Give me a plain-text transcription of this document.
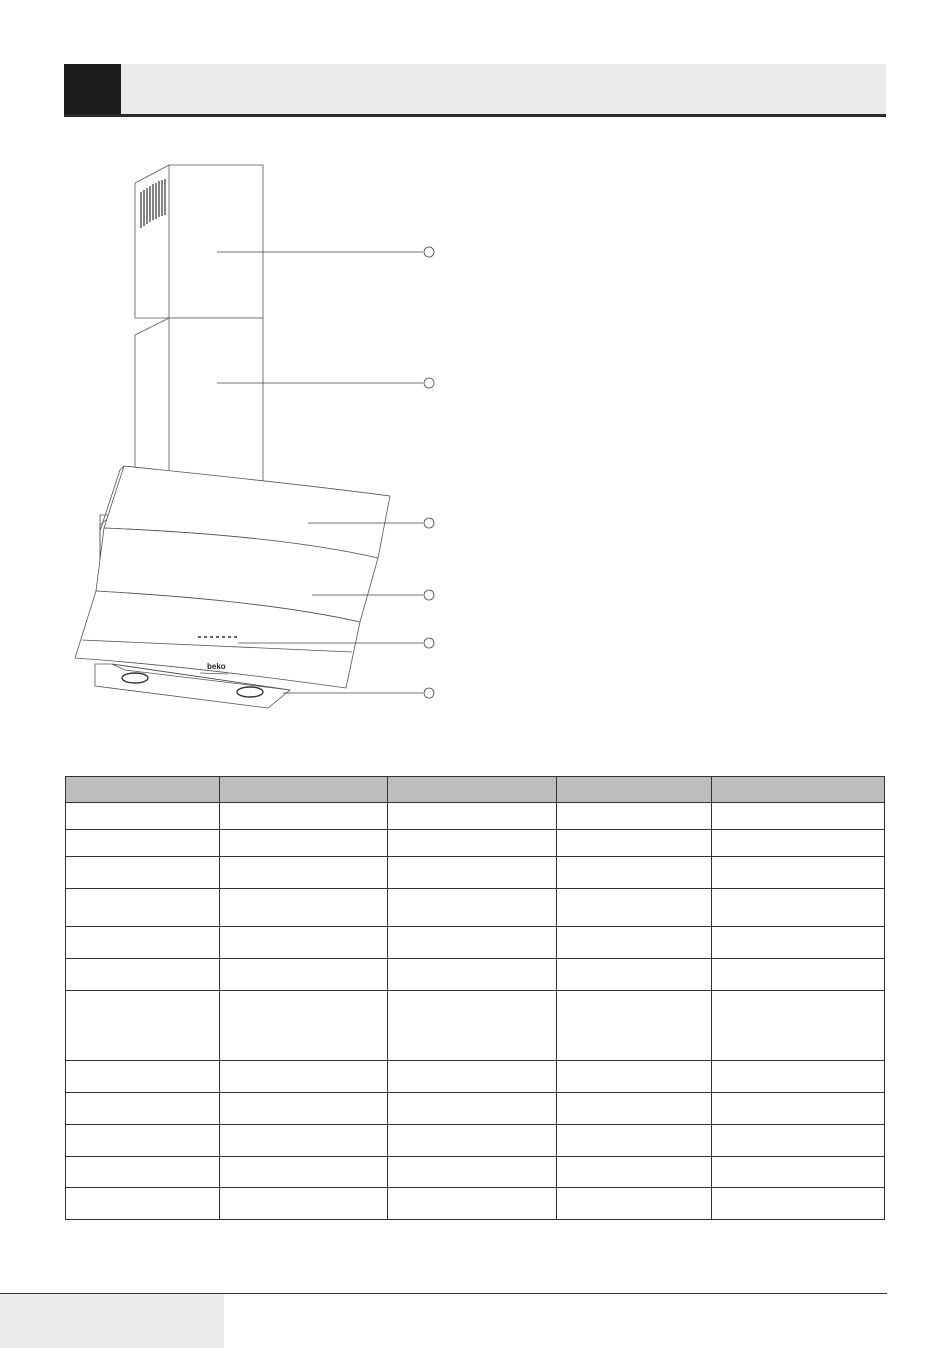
beko
